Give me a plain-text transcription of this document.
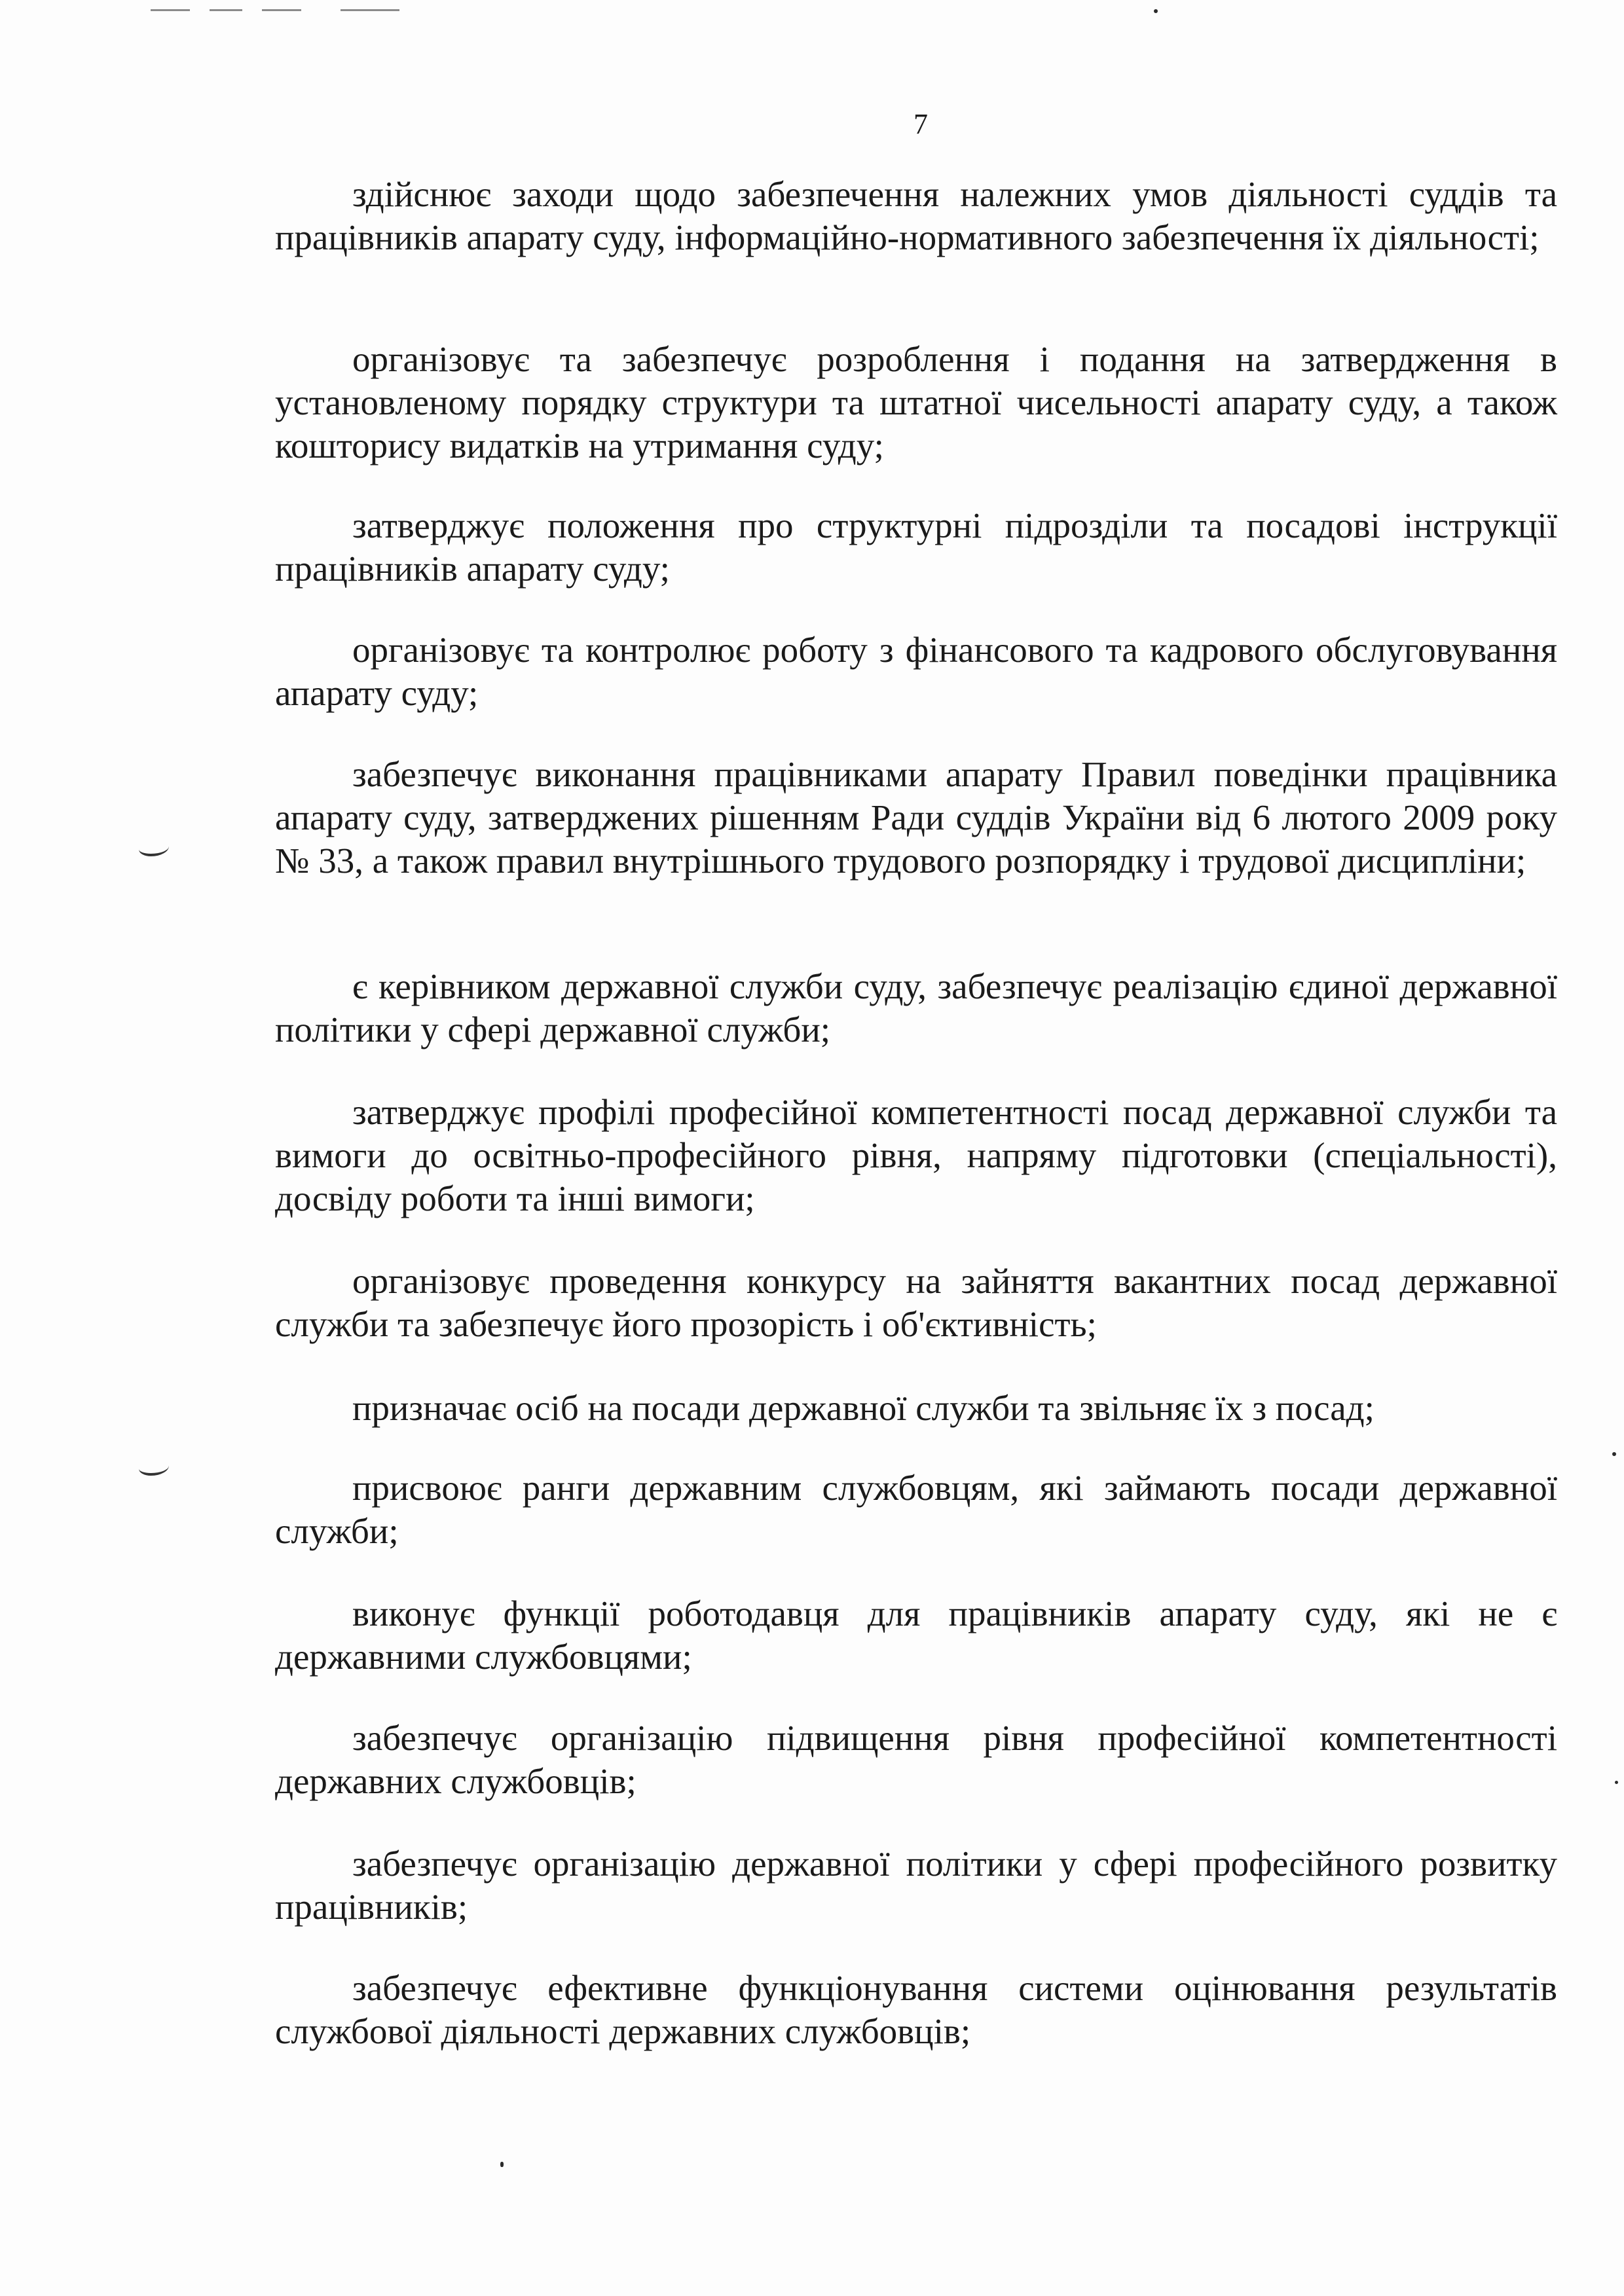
7

здійснює заходи щодо забезпечення належних умов діяльності суддів та працівників апарату суду, інформаційно-нормативного забезпечення їх діяльності;

організовує та забезпечує розроблення і подання на затвердження в установленому порядку структури та штатної чисельності апарату суду, а також кошторису видатків на утримання суду;

затверджує положення про структурні підрозділи та посадові інструкції працівників апарату суду;

організовує та контролює роботу з фінансового та кадрового обслуговування апарату суду;

забезпечує виконання працівниками апарату Правил поведінки працівника апарату суду, затверджених рішенням Ради суддів України від 6 лютого 2009 року № 33, а також правил внутрішнього трудового розпорядку і трудової дисципліни;

є керівником державної служби суду, забезпечує реалізацію єдиної державної політики у сфері державної служби;

затверджує профілі професійної компетентності посад державної служби та вимоги до освітньо-професійного рівня, напряму підготовки (спеціальності), досвіду роботи та інші вимоги;

організовує проведення конкурсу на зайняття вакантних посад державної служби та забезпечує його прозорість і об'єктивність;

призначає осіб на посади державної служби та звільняє їх з посад;

присвоює ранги державним службовцям, які займають посади державної служби;

виконує функції роботодавця для працівників апарату суду, які не є державними службовцями;

забезпечує організацію підвищення рівня професійної компетентності державних службовців;

забезпечує організацію державної політики у сфері професійного розвитку працівників;

забезпечує ефективне функціонування системи оцінювання результатів службової діяльності державних службовців;
